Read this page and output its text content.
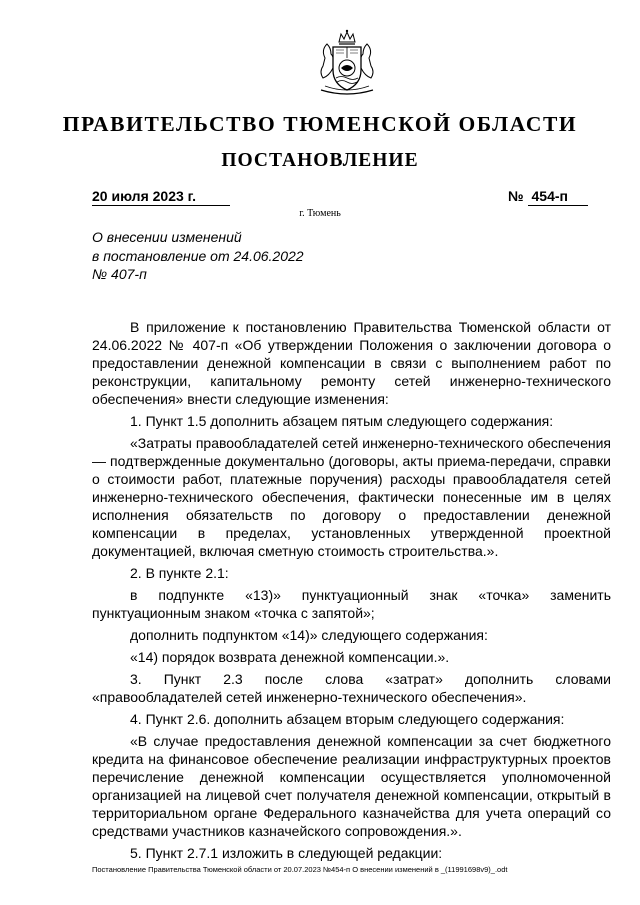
ПРАВИТЕЛЬСТВО ТЮМЕНСКОЙ ОБЛАСТИ
ПОСТАНОВЛЕНИЕ
20 июля 2023 г.	№ 454-п
г. Тюмень
О внесении изменений
в постановление от 24.06.2022
№ 407-п

В приложение к постановлению Правительства Тюменской области от 24.06.2022 № 407-п «Об утверждении Положения о заключении договора о предоставлении денежной компенсации в связи с выполнением работ по реконструкции, капитальному ремонту сетей инженерно-технического обеспечения» внести следующие изменения:

1. Пункт 1.5 дополнить абзацем пятым следующего содержания:

«Затраты правообладателей сетей инженерно-технического обеспечения — подтвержденные документально (договоры, акты приема-передачи, справки о стоимости работ, платежные поручения) расходы правообладателя сетей инженерно-технического обеспечения, фактически понесенные им в целях исполнения обязательств по договору о предоставлении денежной компенсации в пределах, установленных утвержденной проектной документацией, включая сметную стоимость строительства.».

2. В пункте 2.1:

в подпункте «13)» пунктуационный знак «точка» заменить пунктуационным знаком «точка с запятой»;

дополнить подпунктом «14)» следующего содержания:

«14) порядок возврата денежной компенсации.».

3. Пункт 2.3 после слова «затрат» дополнить словами «правообладателей сетей инженерно-технического обеспечения».

4. Пункт 2.6. дополнить абзацем вторым следующего содержания:

«В случае предоставления денежной компенсации за счет бюджетного кредита на финансовое обеспечение реализации инфраструктурных проектов перечисление денежной компенсации осуществляется уполномоченной организацией на лицевой счет получателя денежной компенсации, открытый в территориальном органе Федерального казначейства для учета операций со средствами участников казначейского сопровождения.».

5. Пункт 2.7.1 изложить в следующей редакции:

Постановление Правительства Тюменской области от 20.07.2023 №454-п О внесении изменений в _(11991698v9)_.odt
